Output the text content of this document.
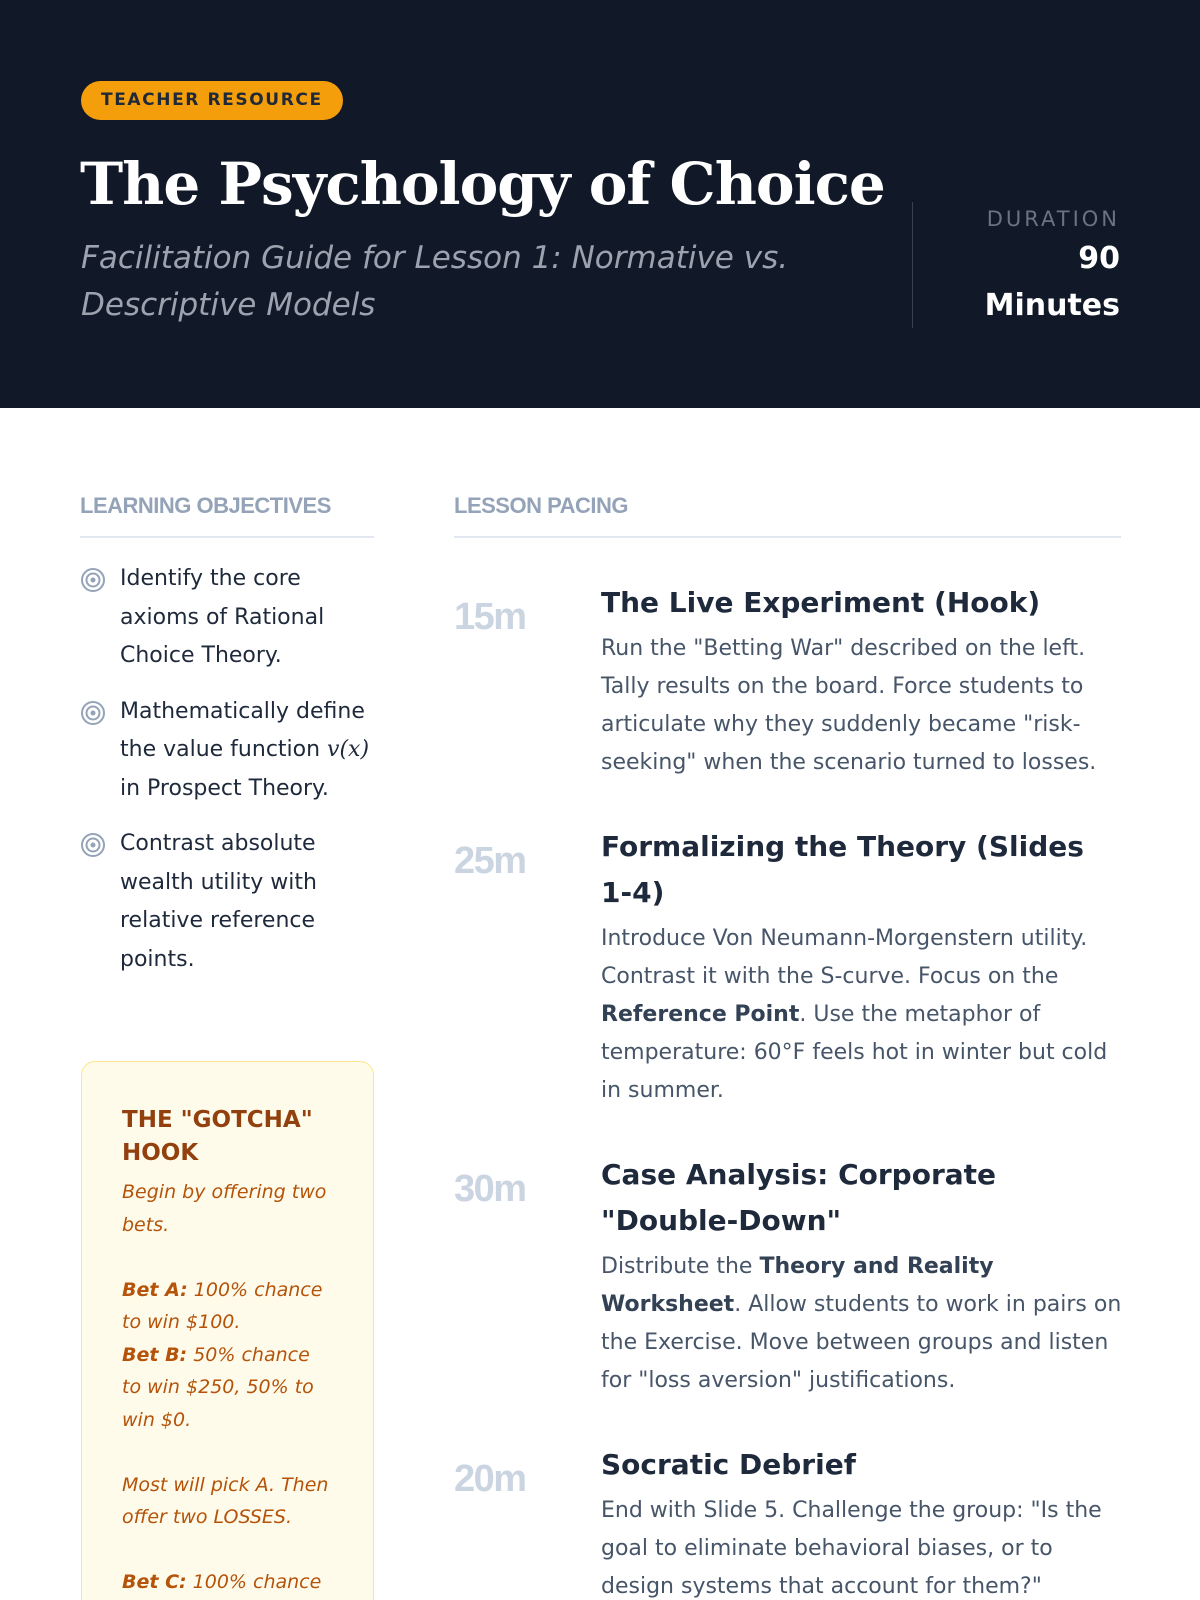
TEACHER RESOURCE
The Psychology of Choice
Facilitation Guide for Lesson 1: Normative vs. Descriptive Models
DURATION
90 Minutes
LEARNING OBJECTIVES
Identify the core axioms of Rational Choice Theory.
Mathematically define the value function v(x) in Prospect Theory.
Contrast absolute wealth utility with relative reference points.
THE "GOTCHA" HOOK

Begin by offering two bets.

Bet A: 100% chance to win $100.

Bet B: 50% chance to win $250, 50% to win $0.

Most will pick A. Then offer two LOSSES.

Bet C: 100% chance

LESSON PACING
15m	The Live Experiment (Hook)
Run the "Betting War" described on the left. Tally results on the board. Force students to articulate why they suddenly became "risk-seeking" when the scenario turned to losses.
25m	Formalizing the Theory (Slides 1-4)
Introduce Von Neumann-Morgenstern utility. Contrast it with the S-curve. Focus on the Reference Point. Use the metaphor of temperature: 60°F feels hot in winter but cold in summer.
30m	Case Analysis: Corporate "Double-Down"
Distribute the Theory and Reality Worksheet. Allow students to work in pairs on the Exercise. Move between groups and listen for "loss aversion" justifications.
20m	Socratic Debrief
End with Slide 5. Challenge the group: "Is the goal to eliminate behavioral biases, or to design systems that account for them?"
